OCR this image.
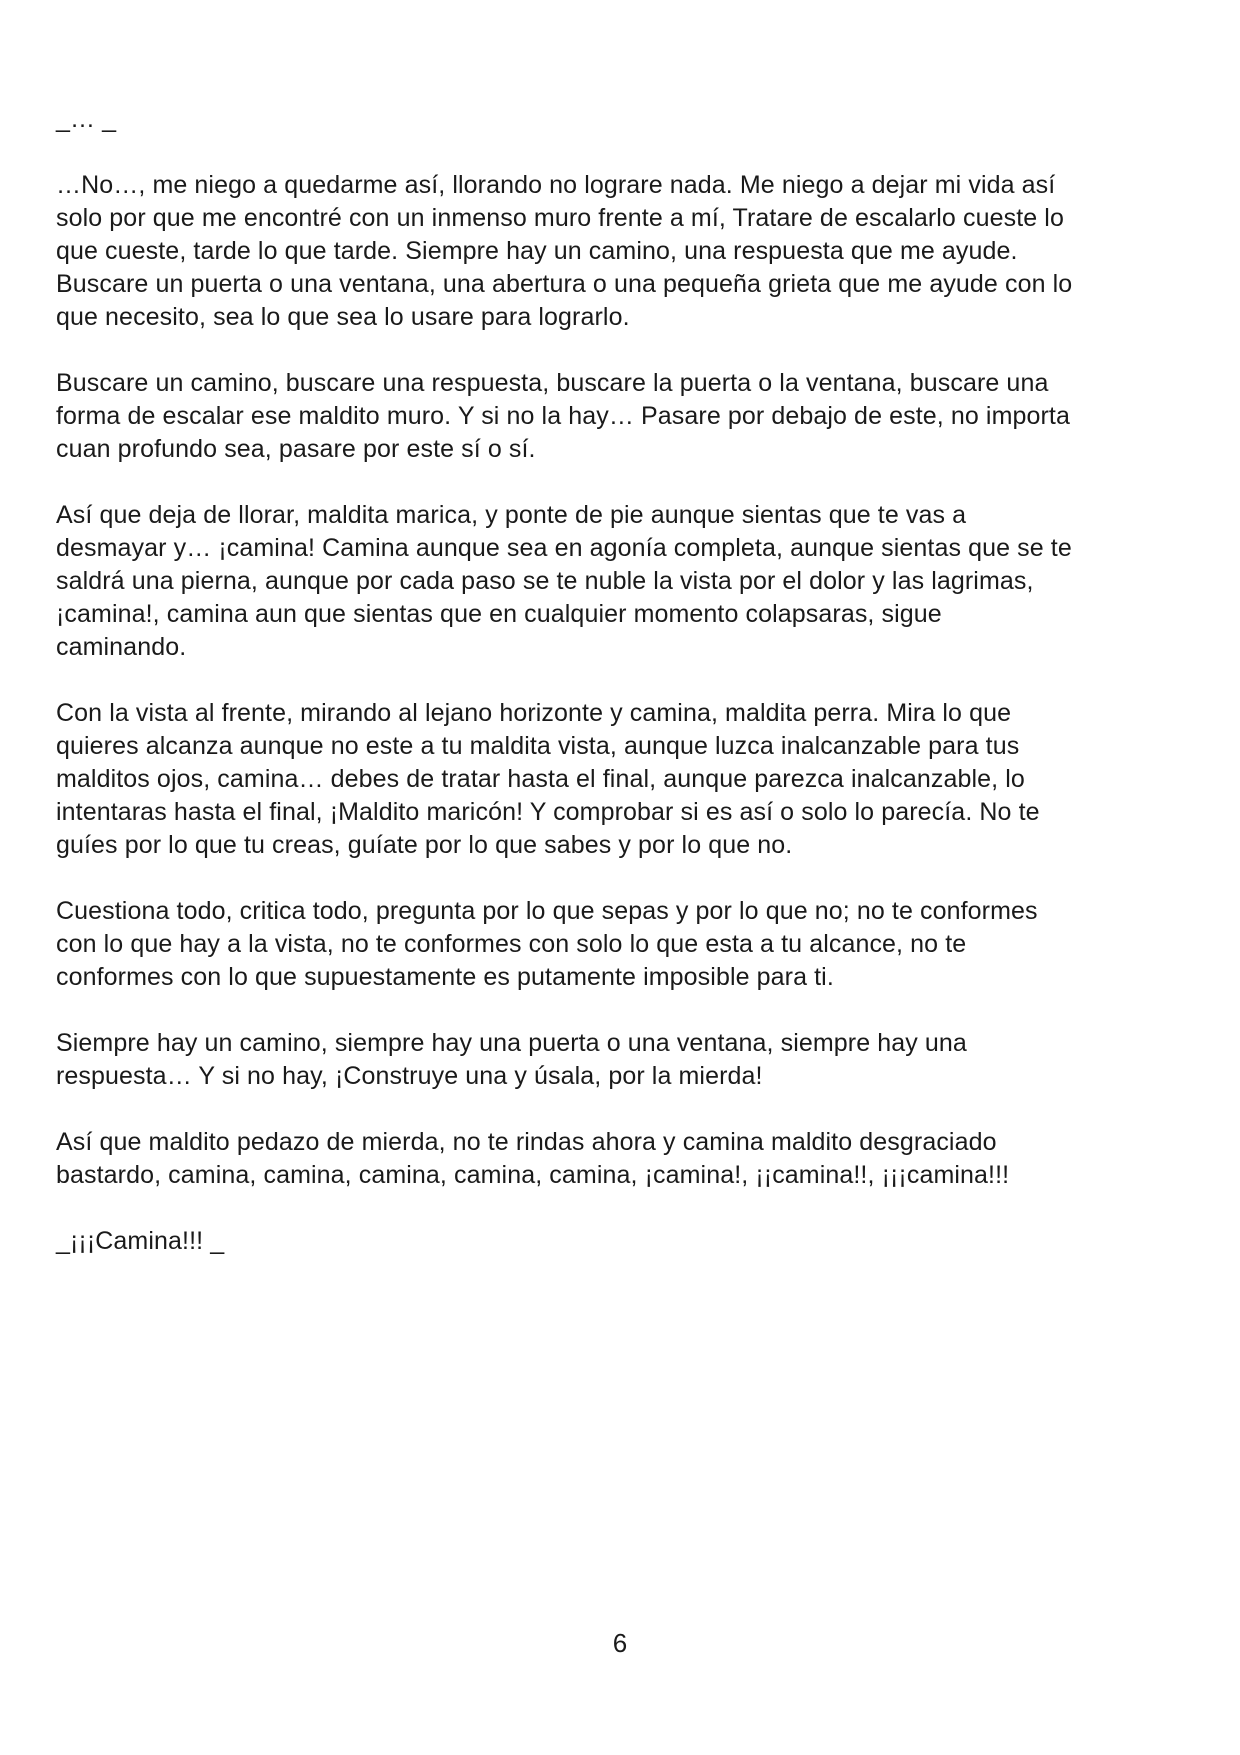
_… _

…No…, me niego a quedarme así, llorando no lograre nada. Me niego a dejar mi vida así
solo por que me encontré con un inmenso muro frente a mí, Tratare de escalarlo cueste lo
que cueste, tarde lo que tarde. Siempre hay un camino, una respuesta que me ayude.
Buscare un puerta o una ventana, una abertura o una pequeña grieta que me ayude con lo
que necesito, sea lo que sea lo usare para lograrlo.

Buscare un camino, buscare una respuesta, buscare la puerta o la ventana, buscare una
forma de escalar ese maldito muro. Y si no la hay… Pasare por debajo de este, no importa
cuan profundo sea, pasare por este sí o sí.

Así que deja de llorar, maldita marica, y ponte de pie aunque sientas que te vas a
desmayar y… ¡camina! Camina aunque sea en agonía completa, aunque sientas que se te
saldrá una pierna, aunque por cada paso se te nuble la vista por el dolor y las lagrimas,
¡camina!, camina aun que sientas que en cualquier momento colapsaras, sigue
caminando.

Con la vista al frente, mirando al lejano horizonte y camina, maldita perra. Mira lo que
quieres alcanza aunque no este a tu maldita vista, aunque luzca inalcanzable para tus
malditos ojos, camina… debes de tratar hasta el final, aunque parezca inalcanzable, lo
intentaras hasta el final, ¡Maldito maricón! Y comprobar si es así o solo lo parecía. No te
guíes por lo que tu creas, guíate por lo que sabes y por lo que no.

Cuestiona todo, critica todo, pregunta por lo que sepas y por lo que no; no te conformes
con lo que hay a la vista, no te conformes con solo lo que esta a tu alcance, no te
conformes con lo que supuestamente es putamente imposible para ti.

Siempre hay un camino, siempre hay una puerta o una ventana, siempre hay una
respuesta… Y si no hay, ¡Construye una y úsala, por la mierda!

Así que maldito pedazo de mierda, no te rindas ahora y camina maldito desgraciado
bastardo, camina, camina, camina, camina, camina, ¡camina!, ¡¡camina!!, ¡¡¡camina!!!

_¡¡¡Camina!!! _

6
